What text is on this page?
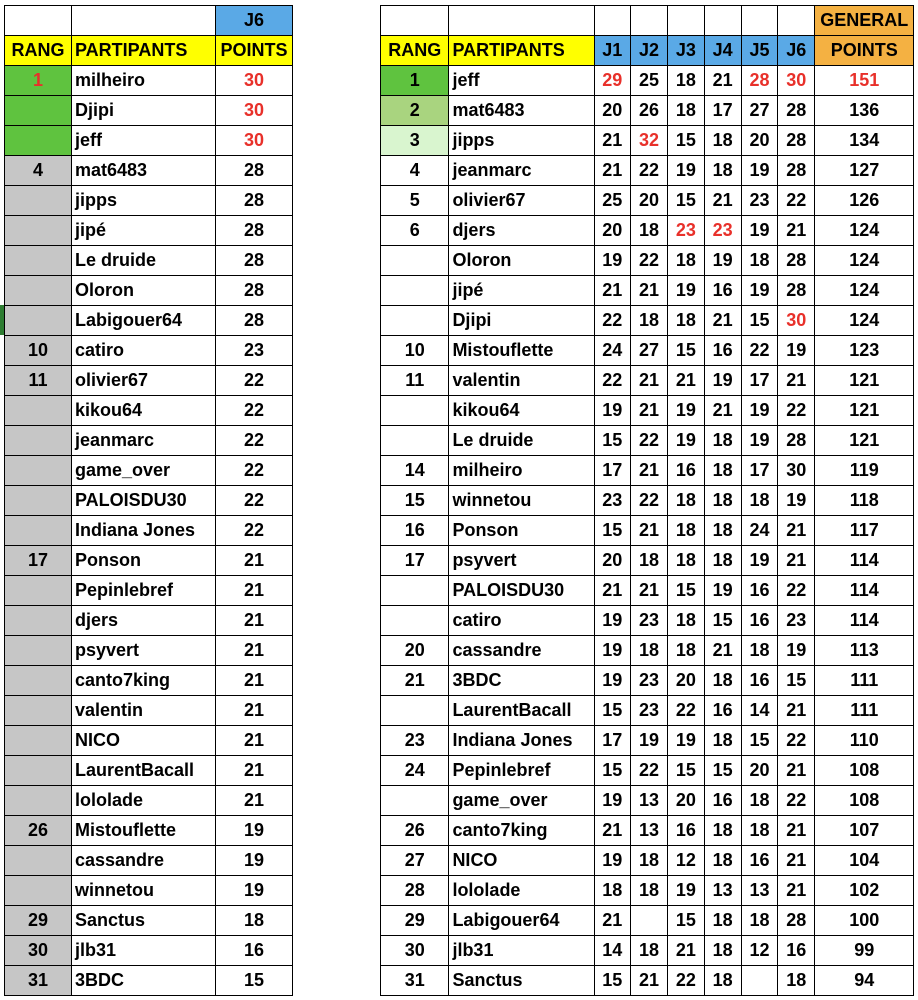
		J6
RANG	PARTIPANTS	POINTS
1	milheiro	30
	Djipi	30
	jeff	30
4	mat6483	28
	jipps	28
	jipé	28
	Le druide	28
	Oloron	28
	Labigouer64	28
10	catiro	23
11	olivier67	22
	kikou64	22
	jeanmarc	22
	game_over	22
	PALOISDU30	22
	Indiana Jones	22
17	Ponson	21
	Pepinlebref	21
	djers	21
	psyvert	21
	canto7king	21
	valentin	21
	NICO	21
	LaurentBacall	21
	lololade	21
26	Mistouflette	19
	cassandre	19
	winnetou	19
29	Sanctus	18
30	jlb31	16
31	3BDC	15
								GENERAL
RANG	PARTIPANTS	J1	J2	J3	J4	J5	J6	POINTS
1	jeff	29	25	18	21	28	30	151
2	mat6483	20	26	18	17	27	28	136
3	jipps	21	32	15	18	20	28	134
4	jeanmarc	21	22	19	18	19	28	127
5	olivier67	25	20	15	21	23	22	126
6	djers	20	18	23	23	19	21	124
	Oloron	19	22	18	19	18	28	124
	jipé	21	21	19	16	19	28	124
	Djipi	22	18	18	21	15	30	124
10	Mistouflette	24	27	15	16	22	19	123
11	valentin	22	21	21	19	17	21	121
	kikou64	19	21	19	21	19	22	121
	Le druide	15	22	19	18	19	28	121
14	milheiro	17	21	16	18	17	30	119
15	winnetou	23	22	18	18	18	19	118
16	Ponson	15	21	18	18	24	21	117
17	psyvert	20	18	18	18	19	21	114
	PALOISDU30	21	21	15	19	16	22	114
	catiro	19	23	18	15	16	23	114
20	cassandre	19	18	18	21	18	19	113
21	3BDC	19	23	20	18	16	15	111
	LaurentBacall	15	23	22	16	14	21	111
23	Indiana Jones	17	19	19	18	15	22	110
24	Pepinlebref	15	22	15	15	20	21	108
	game_over	19	13	20	16	18	22	108
26	canto7king	21	13	16	18	18	21	107
27	NICO	19	18	12	18	16	21	104
28	lololade	18	18	19	13	13	21	102
29	Labigouer64	21		15	18	18	28	100
30	jlb31	14	18	21	18	12	16	99
31	Sanctus	15	21	22	18		18	94
